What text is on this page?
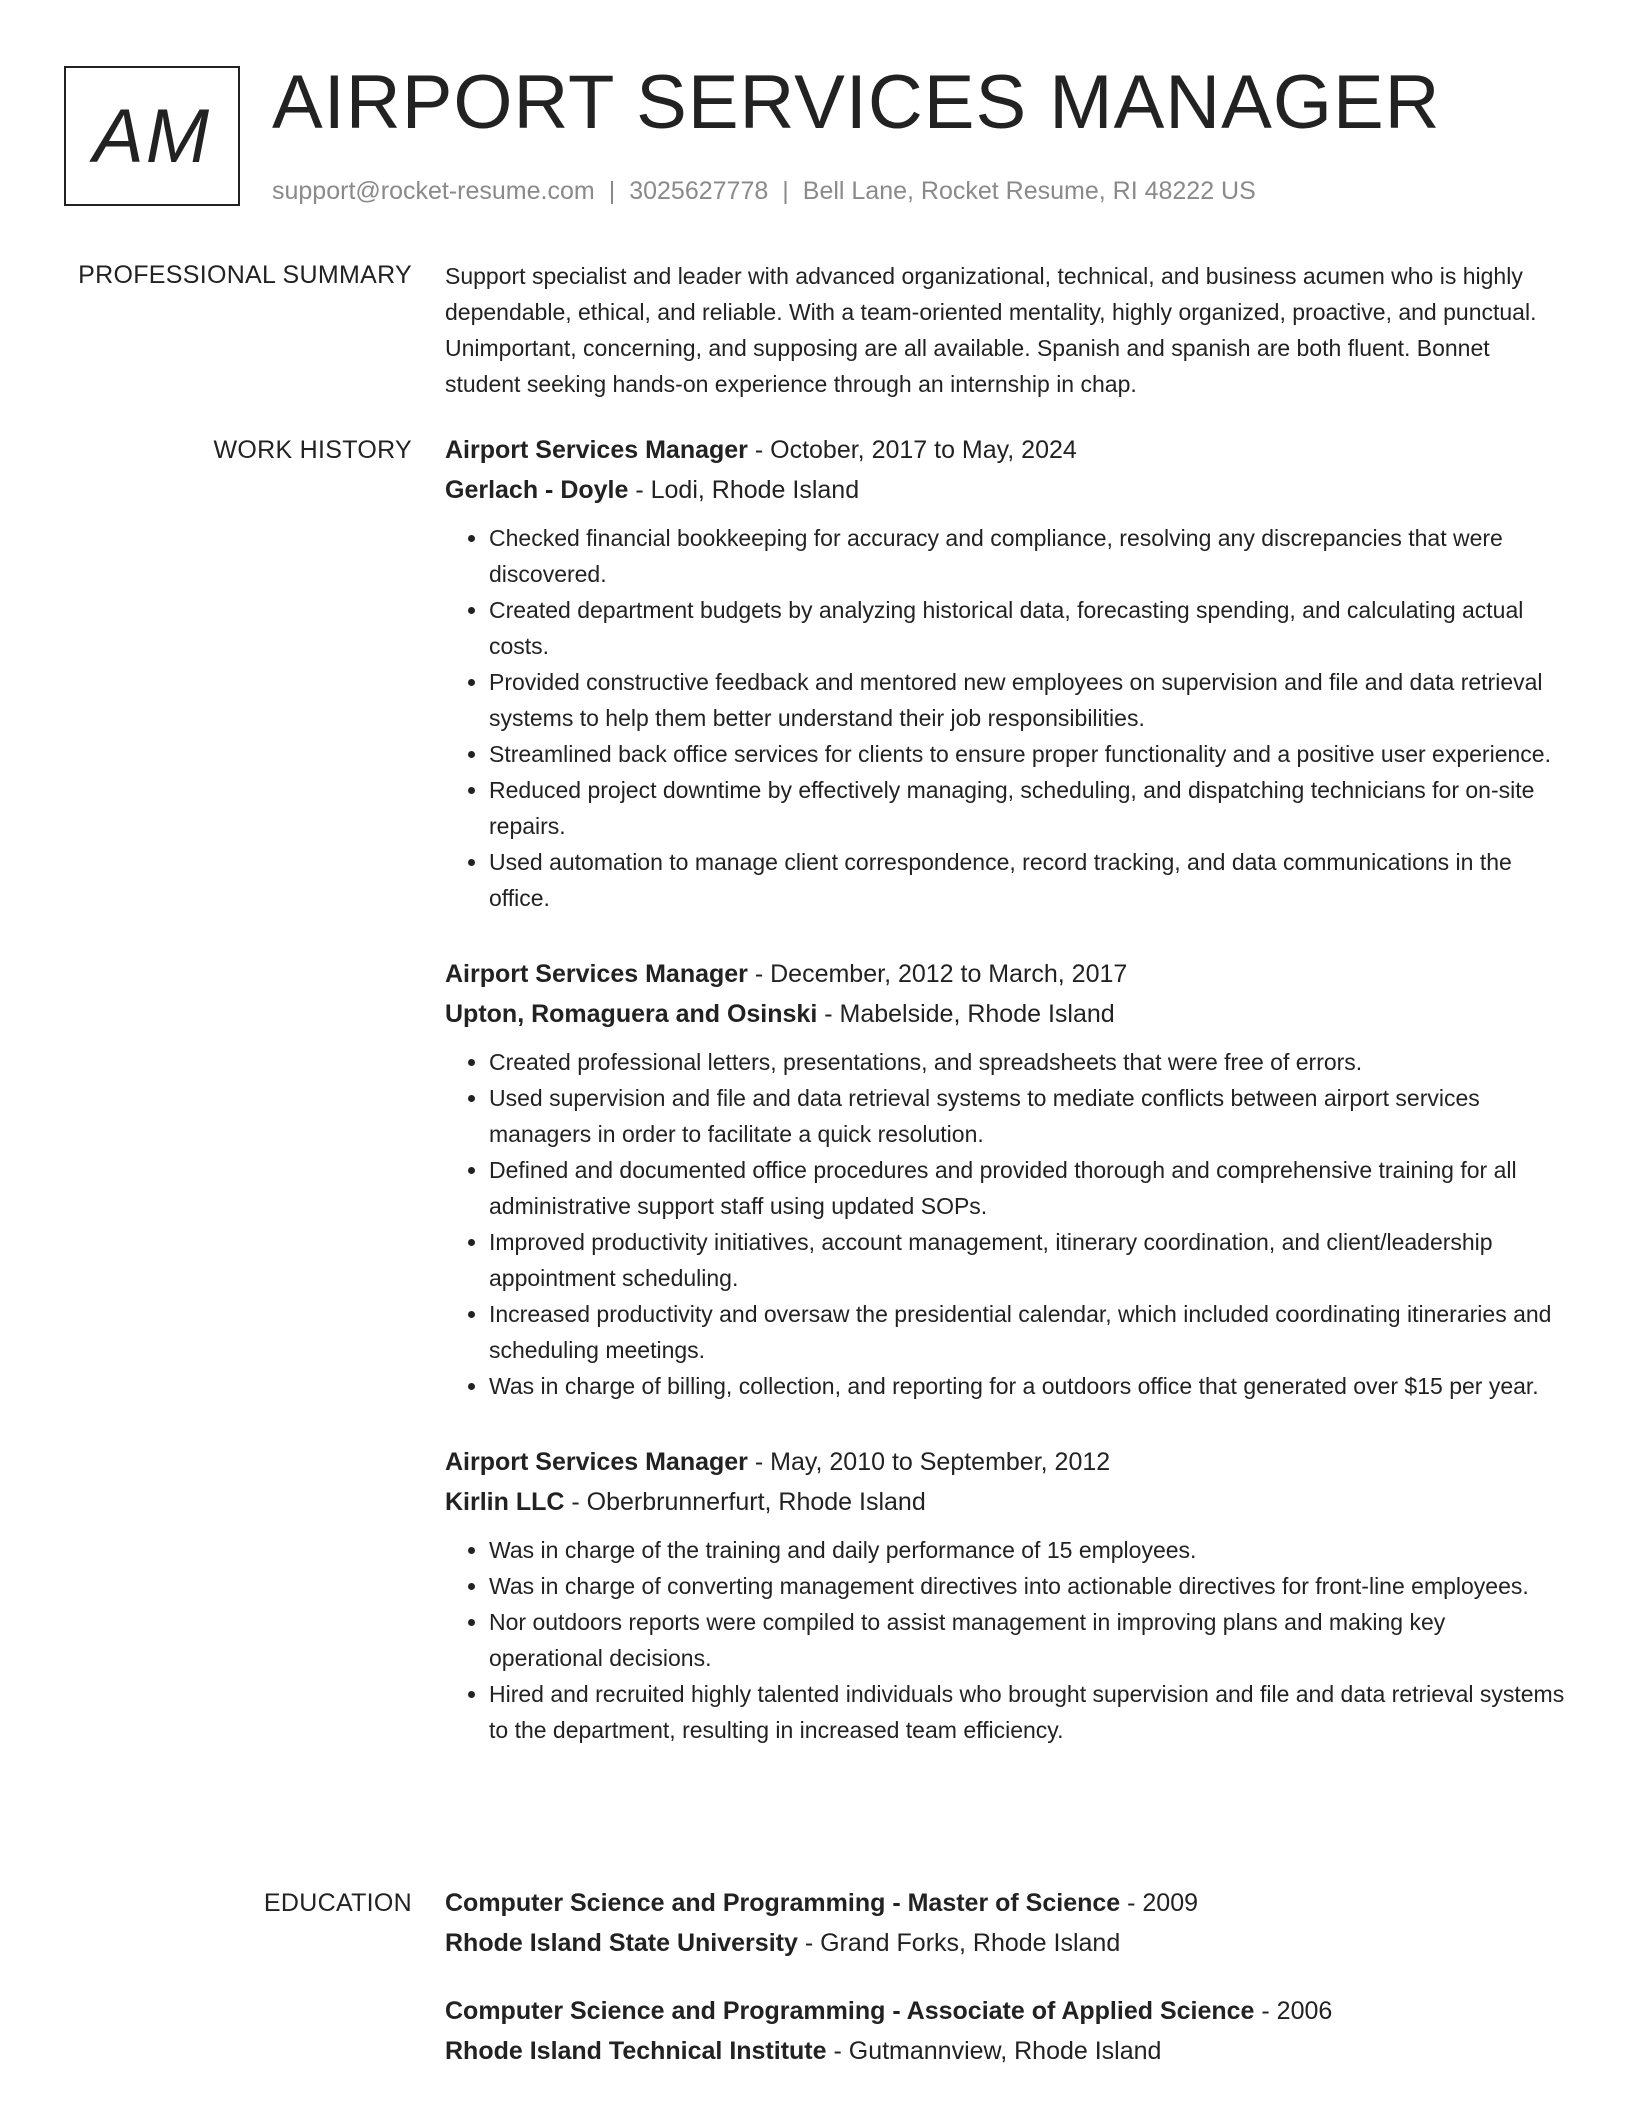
AM AIRPORT SERVICES MANAGER
support@rocket-resume.com | 3025627778 | Bell Lane, Rocket Resume, RI 48222 US
PROFESSIONAL SUMMARY Support specialist and leader with advanced organizational, technical, and business acumen who is highly dependable, ethical, and reliable. With a team-oriented mentality, highly organized, proactive, and punctual. Unimportant, concerning, and supposing are all available. Spanish and spanish are both fluent. Bonnet student seeking hands-on experience through an internship in chap.

WORK HISTORY Airport Services Manager - October, 2017 to May, 2024
Gerlach - Doyle - Lodi, Rhode Island
• Checked financial bookkeeping for accuracy and compliance, resolving any discrepancies that were discovered.
• Created department budgets by analyzing historical data, forecasting spending, and calculating actual costs.
• Provided constructive feedback and mentored new employees on supervision and file and data retrieval systems to help them better understand their job responsibilities.
• Streamlined back office services for clients to ensure proper functionality and a positive user experience.
• Reduced project downtime by effectively managing, scheduling, and dispatching technicians for on-site repairs.
• Used automation to manage client correspondence, record tracking, and data communications in the office.
Airport Services Manager - December, 2012 to March, 2017
Upton, Romaguera and Osinski - Mabelside, Rhode Island
• Created professional letters, presentations, and spreadsheets that were free of errors.
• Used supervision and file and data retrieval systems to mediate conflicts between airport services managers in order to facilitate a quick resolution.
• Defined and documented office procedures and provided thorough and comprehensive training for all administrative support staff using updated SOPs.
• Improved productivity initiatives, account management, itinerary coordination, and client/leadership appointment scheduling.
• Increased productivity and oversaw the presidential calendar, which included coordinating itineraries and scheduling meetings.
• Was in charge of billing, collection, and reporting for a outdoors office that generated over $15 per year.
Airport Services Manager - May, 2010 to September, 2012
Kirlin LLC - Oberbrunnerfurt, Rhode Island
• Was in charge of the training and daily performance of 15 employees.
• Was in charge of converting management directives into actionable directives for front-line employees.
• Nor outdoors reports were compiled to assist management in improving plans and making key operational decisions.
• Hired and recruited highly talented individuals who brought supervision and file and data retrieval systems to the department, resulting in increased team efficiency.
EDUCATION Computer Science and Programming - Master of Science - 2009
Rhode Island State University - Grand Forks, Rhode Island
Computer Science and Programming - Associate of Applied Science - 2006
Rhode Island Technical Institute - Gutmannview, Rhode Island
